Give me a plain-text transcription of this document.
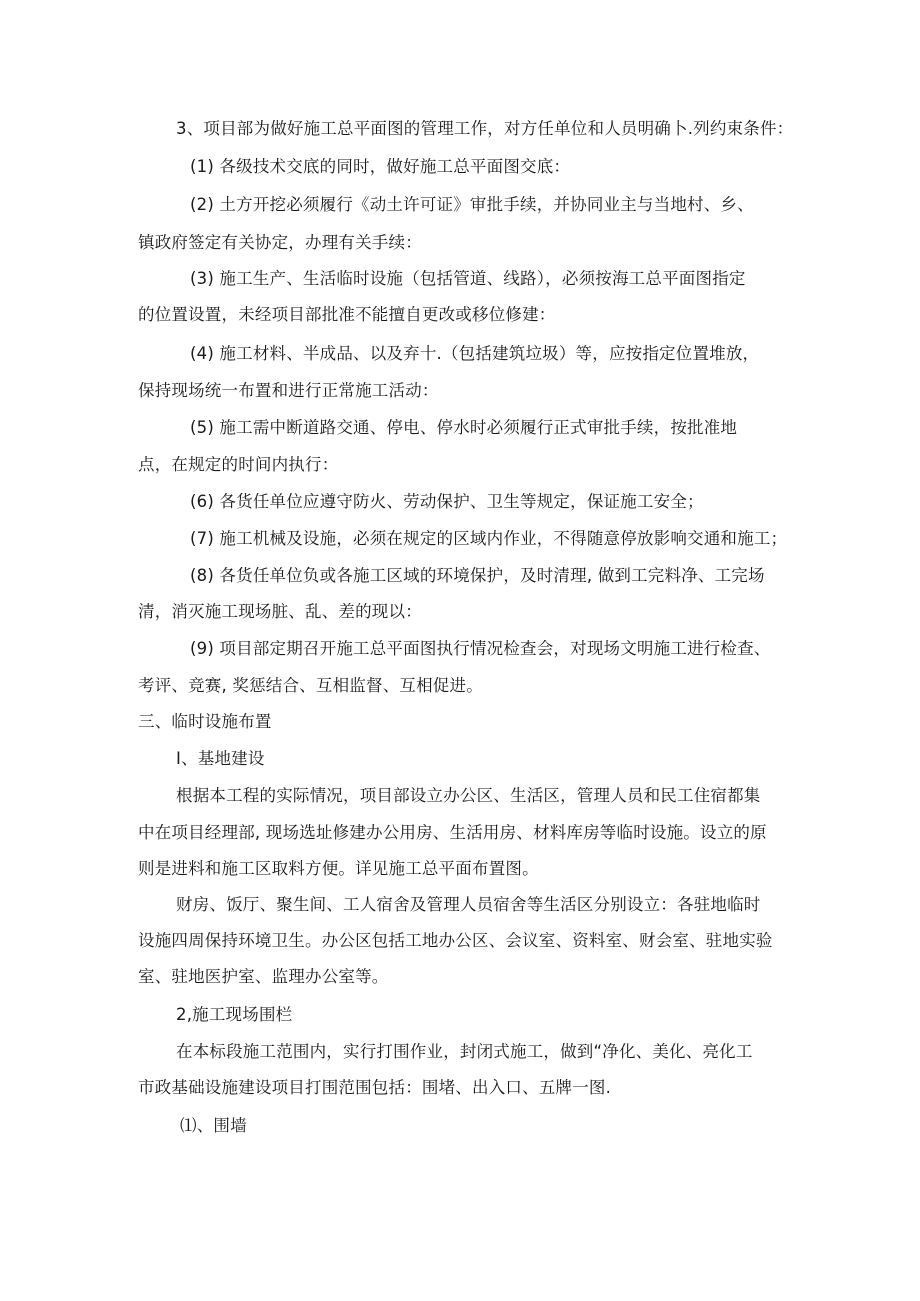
3、项目部为做好施工总平面图的管理工作，对方任单位和人员明确卜.列约束条件：
(1) 各级技术交底的同时，做好施工总平面图交底：
(2) 土方开挖必须履行《动土许可证》审批手续，并协同业主与当地村、乡、
镇政府签定有关协定，办理有关手续：
(3) 施工生产、生活临时设施（包括管道、线路），必须按海工总平面图指定
的位置设置，未经项目部批准不能擅自更改或移位修建：
(4) 施工材料、半成品、以及弃十.（包括建筑垃圾）等，应按指定位置堆放，
保持现场统一布置和进行正常施工活动：
(5) 施工需中断道路交通、停电、停水时必须履行正式审批手续，按批准地
点，在规定的时间内执行：
(6) 各货任单位应遵守防火、劳动保护、卫生等规定，保证施工安全；
(7) 施工机械及设施，必须在规定的区域内作业，不得随意停放影响交通和施工；
(8) 各货任单位负或各施工区域的环境保护，及时清理, 做到工完料净、工完场
清，消灭施工现场脏、乱、差的现以：
(9) 项目部定期召开施工总平面图执行情况检查会，对现场文明施工进行检查、
考评、竞赛, 奖惩结合、互相监督、互相促进。
三、临时设施布置
I、基地建设
根据本工程的实际情况，项目部设立办公区、生活区，管理人员和民工住宿都集
中在项目经理部, 现场选址修建办公用房、生活用房、材料库房等临时设施。设立的原
则是进料和施工区取料方便。详见施工总平面布置图。
财房、饭厅、聚生间、工人宿舍及管理人员宿舍等生活区分别设立：各驻地临时
设施四周保持环境卫生。办公区包括工地办公区、会议室、资料室、财会室、驻地实验
室、驻地医护室、监理办公室等。
2,施工现场围栏
在本标段施工范围内，实行打围作业，封闭式施工，做到“净化、美化、亮化工
市政基础设施建设项目打围范围包括：围堵、出入口、五牌一图.
⑴、围墙
